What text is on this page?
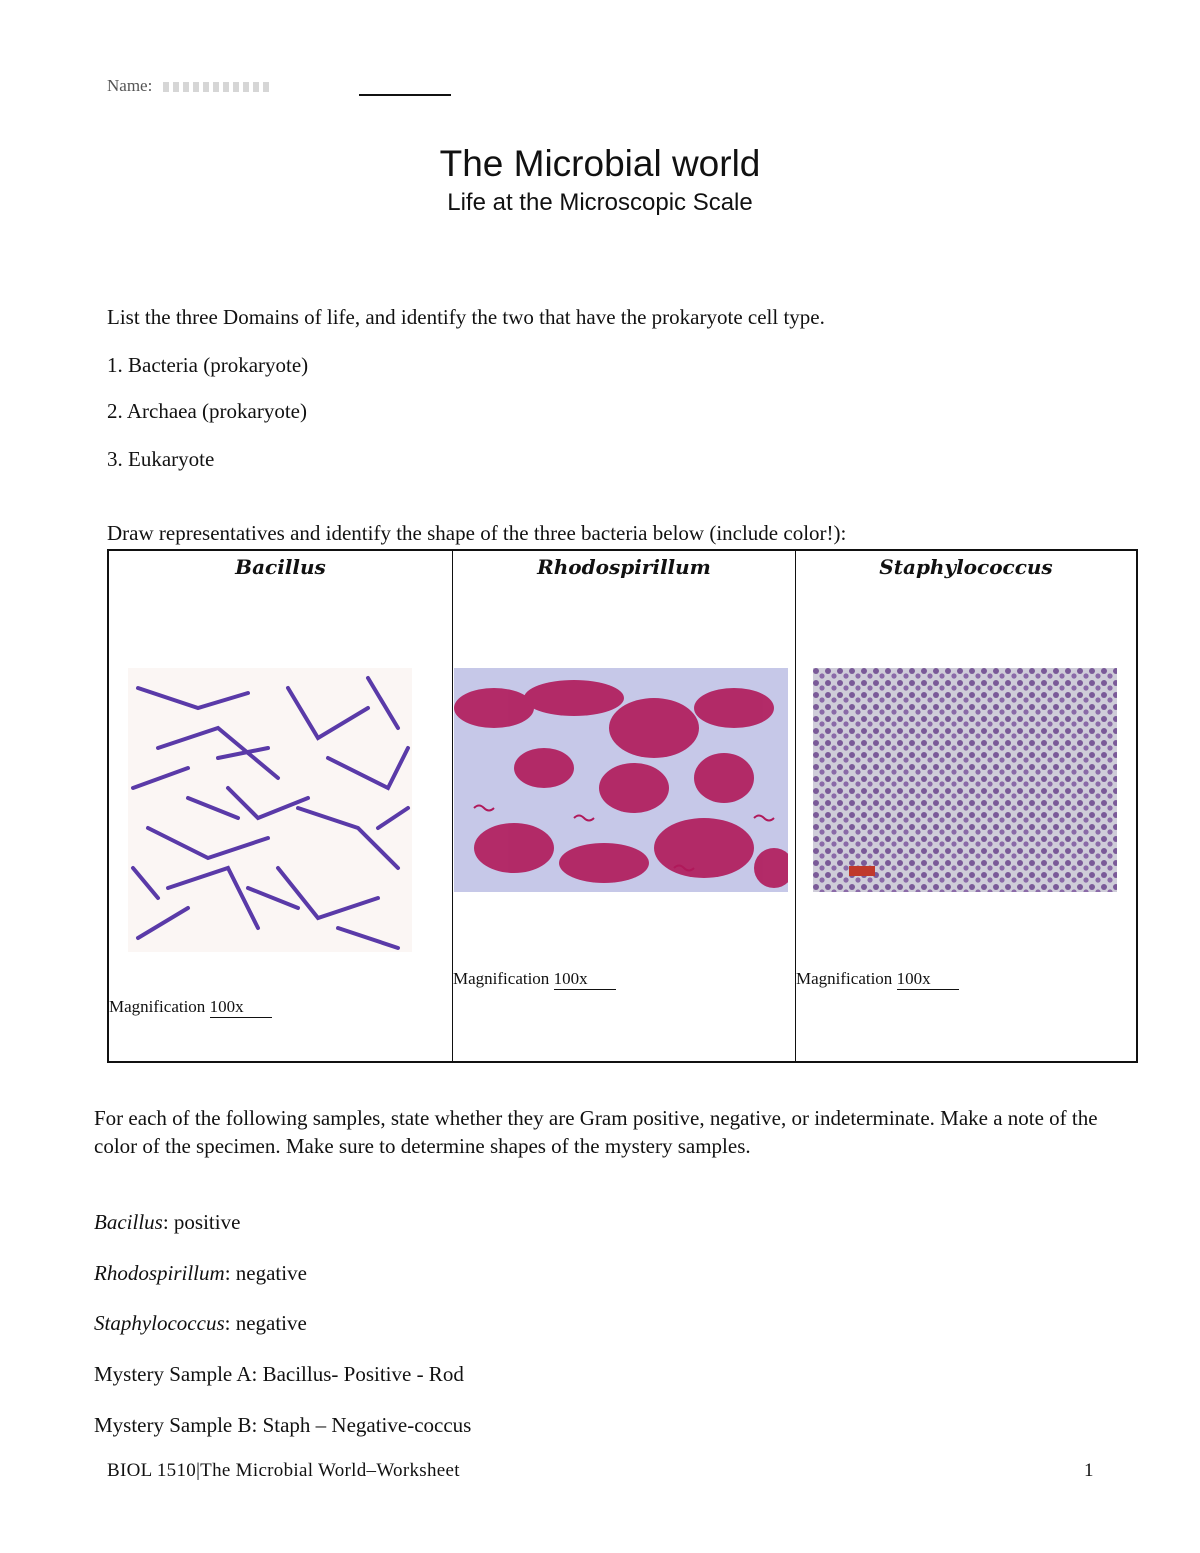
Name:
The Microbial world
Life at the Microscopic Scale
List the three Domains of life, and identify the two that have the prokaryote cell type.
1. Bacteria (prokaryote)
2. Archaea (prokaryote)
3. Eukaryote
Draw representatives and identify the shape of the three bacteria below (include color!):
Bacillus
Magnification 100x
Rhodospirillum
Magnification 100x
Staphylococcus
Magnification 100x
For each of the following samples, state whether they are Gram positive, negative, or indeterminate. Make a note of the color of the specimen. Make sure to determine shapes of the mystery samples.
Bacillus: positive
Rhodospirillum: negative
Staphylococcus: negative
Mystery Sample A: Bacillus- Positive - Rod
Mystery Sample B: Staph – Negative-coccus
BIOL 1510|The Microbial World–Worksheet	1
